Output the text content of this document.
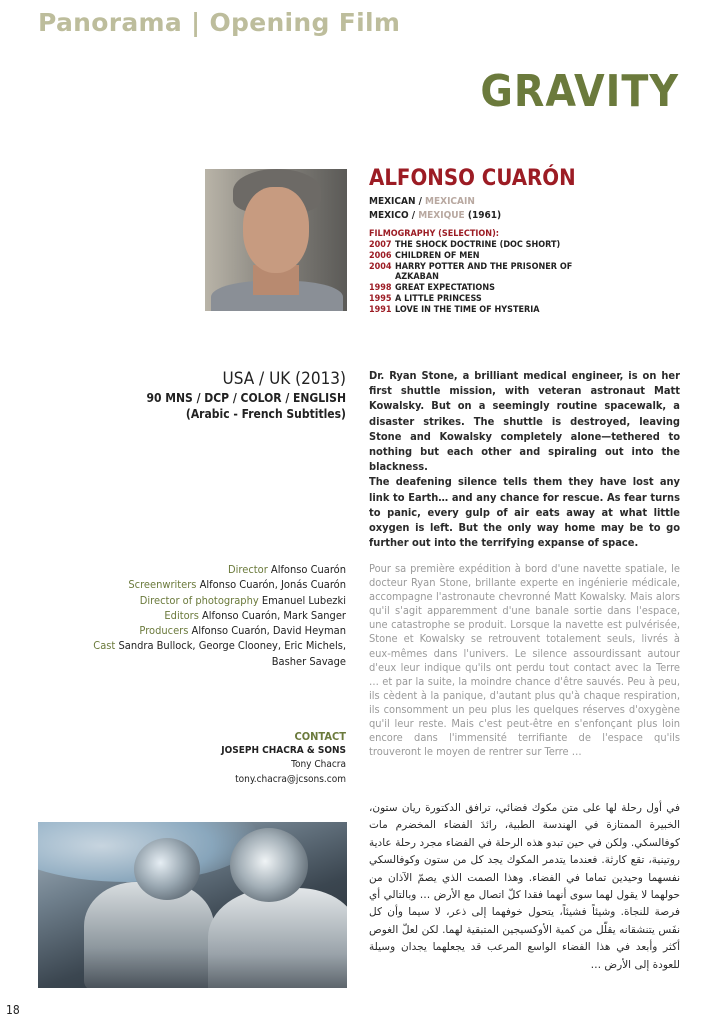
Panorama | Opening Film
GRAVITY
ALFONSO CUARÓN
MEXICAN / MEXICAIN
MEXICO / MEXIQUE (1961)
FILMOGRAPHY (SELECTION):
2007 THE SHOCK DOCTRINE (DOC SHORT)
2006 CHILDREN OF MEN
2004 HARRY POTTER AND THE PRISONER OF AZKABAN
1998 GREAT EXPECTATIONS
1995 A LITTLE PRINCESS
1991 LOVE IN THE TIME OF HYSTERIA
USA / UK (2013)
90 MNS / DCP / COLOR / ENGLISH
(Arabic - French Subtitles)

Dr. Ryan Stone, a brilliant medical engineer, is on her first shuttle mission, with veteran astronaut Matt Kowalsky. But on a seemingly routine spacewalk, a disaster strikes. The shuttle is destroyed, leaving Stone and Kowalsky completely alone—tethered to nothing but each other and spiraling out into the blackness.

The deafening silence tells them they have lost any link to Earth… and any chance for rescue. As fear turns to panic, every gulp of air eats away at what little oxygen is left. But the only way home may be to go further out into the terrifying expanse of space.

Director Alfonso Cuarón
Screenwriters Alfonso Cuarón, Jonás Cuarón
Director of photography Emanuel Lubezki
Editors Alfonso Cuarón, Mark Sanger
Producers Alfonso Cuarón, David Heyman
Cast Sandra Bullock, George Clooney, Eric Michels,
Basher Savage
CONTACT
JOSEPH CHACRA & SONS
Tony Chacra
tony.chacra@jcsons.com
Pour sa première expédition à bord d'une navette spatiale, le docteur Ryan Stone, brillante experte en ingénierie médicale, accompagne l'astronaute chevronné Matt Kowalsky. Mais alors qu'il s'agit apparemment d'une banale sortie dans l'espace, une catastrophe se produit. Lorsque la navette est pulvérisée, Stone et Kowalsky se retrouvent totalement seuls, livrés à eux-mêmes dans l'univers. Le silence assourdissant autour d'eux leur indique qu'ils ont perdu tout contact avec la Terre … et par la suite, la moindre chance d'être sauvés. Peu à peu, ils cèdent à la panique, d'autant plus qu'à chaque respiration, ils consomment un peu plus les quelques réserves d'oxygène qu'il leur reste. Mais c'est peut-être en s'enfonçant plus loin encore dans l'immensité terrifiante de l'espace qu'ils trouveront le moyen de rentrer sur Terre …
في أول رحلة لها على متن مكوك فضائي، ترافق الدكتورة ريان ستون، الخبيرة الممتازة في الهندسة الطبية، رائدَ الفضاء المخضرم مات كوفالسكي. ولكن في حين تبدو هذه الرحلة في الفضاء مجرد رحلة عادية روتينية، تقع كارثة. فعندما يتدمر المكوك يجد كل من ستون وكوفالسكي نفسهما وحيدين تماما في الفضاء. وهذا الصمت الذي يصمّ الآذان من حولهما لا يقول لهما سوى أنهما فقدا كلّ اتصال مع الأرض … وبالتالي أي فرصة للنجاة. وشيئاً فشيئاً، يتحول خوفهما إلى ذعر، لا سيما وأن كل نفَس يتنشقانه يقلّل من كمية الأوكسيجين المتبقية لهما. لكن لعلّ الغوص أكثر وأبعد في هذا الفضاء الواسع المرعب قد يجعلهما يجدان وسيلة للعودة إلى الأرض …
18
